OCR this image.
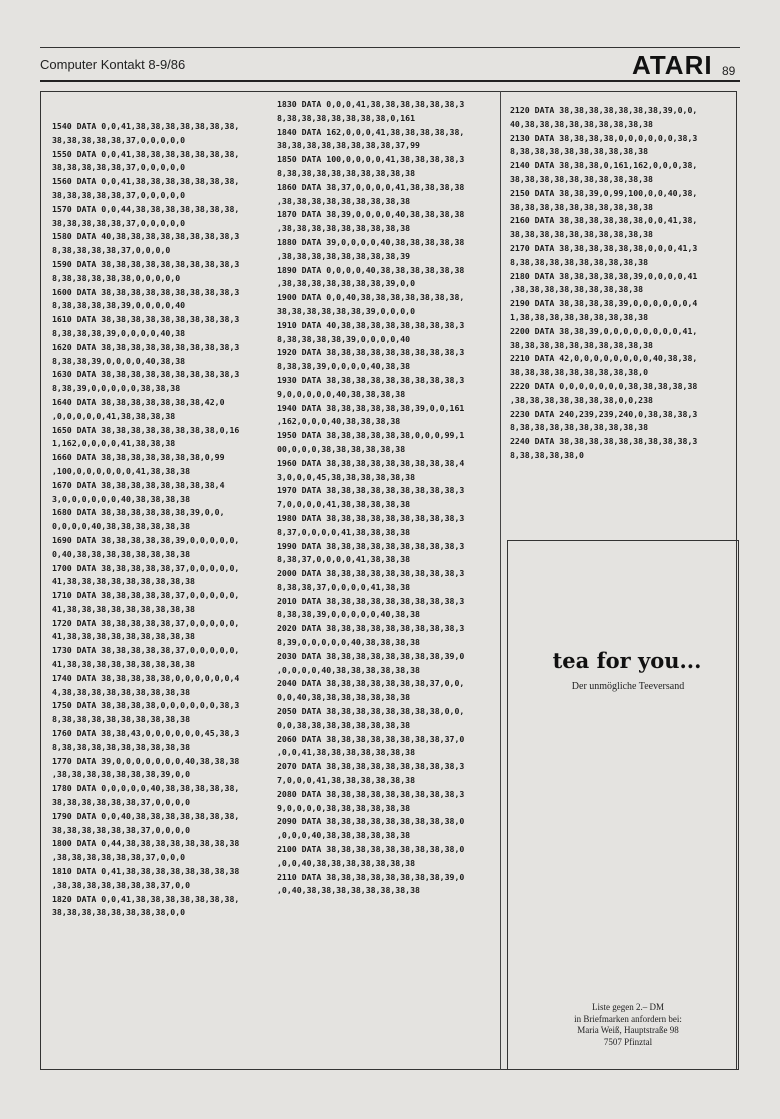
Computer Kontakt 8-9/86	ATARI 89
1540 DATA 0,0,41,38,38,38,38,38,38,38,
38,38,38,38,38,37,0,0,0,0,0
1550 DATA 0,0,41,38,38,38,38,38,38,38,
38,38,38,38,38,37,0,0,0,0,0
1560 DATA 0,0,41,38,38,38,38,38,38,38,
38,38,38,38,38,37,0,0,0,0,0
1570 DATA 0,0,44,38,38,38,38,38,38,38,
38,38,38,38,38,37,0,0,0,0,0
1580 DATA 40,38,38,38,38,38,38,38,38,3
8,38,38,38,38,37,0,0,0,0
1590 DATA 38,38,38,38,38,38,38,38,38,3
8,38,38,38,38,38,0,0,0,0,0
1600 DATA 38,38,38,38,38,38,38,38,38,3
8,38,38,38,38,39,0,0,0,0,40
1610 DATA 38,38,38,38,38,38,38,38,38,3
8,38,38,38,39,0,0,0,0,40,38
1620 DATA 38,38,38,38,38,38,38,38,38,3
8,38,38,39,0,0,0,0,40,38,38
1630 DATA 38,38,38,38,38,38,38,38,38,3
8,38,39,0,0,0,0,0,38,38,38
1640 DATA 38,38,38,38,38,38,38,42,0
,0,0,0,0,0,41,38,38,38,38
1650 DATA 38,38,38,38,38,38,38,38,0,16
1,162,0,0,0,0,41,38,38,38
1660 DATA 38,38,38,38,38,38,38,0,99
,100,0,0,0,0,0,0,41,38,38,38
1670 DATA 38,38,38,38,38,38,38,38,4
3,0,0,0,0,0,0,40,38,38,38,38
1680 DATA 38,38,38,38,38,38,39,0,0,
0,0,0,0,40,38,38,38,38,38,38
1690 DATA 38,38,38,38,38,39,0,0,0,0,0,
0,40,38,38,38,38,38,38,38,38
1700 DATA 38,38,38,38,38,37,0,0,0,0,0,
41,38,38,38,38,38,38,38,38,38
1710 DATA 38,38,38,38,38,37,0,0,0,0,0,
41,38,38,38,38,38,38,38,38,38
1720 DATA 38,38,38,38,38,37,0,0,0,0,0,
41,38,38,38,38,38,38,38,38,38
1730 DATA 38,38,38,38,38,37,0,0,0,0,0,
41,38,38,38,38,38,38,38,38,38
1740 DATA 38,38,38,38,38,0,0,0,0,0,0,4
4,38,38,38,38,38,38,38,38,38
1750 DATA 38,38,38,38,0,0,0,0,0,0,38,3
8,38,38,38,38,38,38,38,38,38
1760 DATA 38,38,43,0,0,0,0,0,0,45,38,3
8,38,38,38,38,38,38,38,38,38
1770 DATA 39,0,0,0,0,0,0,0,40,38,38,38
,38,38,38,38,38,38,38,39,0,0
1780 DATA 0,0,0,0,0,40,38,38,38,38,38,
38,38,38,38,38,38,37,0,0,0,0
1790 DATA 0,0,40,38,38,38,38,38,38,38,
38,38,38,38,38,38,37,0,0,0,0
1800 DATA 0,44,38,38,38,38,38,38,38,38
,38,38,38,38,38,38,37,0,0,0
1810 DATA 0,41,38,38,38,38,38,38,38,38
,38,38,38,38,38,38,38,37,0,0
1820 DATA 0,0,41,38,38,38,38,38,38,38,
38,38,38,38,38,38,38,38,0,0
1830 DATA 0,0,0,41,38,38,38,38,38,38,3
8,38,38,38,38,38,38,38,0,161
1840 DATA 162,0,0,0,41,38,38,38,38,38,
38,38,38,38,38,38,38,38,37,99
1850 DATA 100,0,0,0,0,41,38,38,38,38,3
8,38,38,38,38,38,38,38,38,38
1860 DATA 38,37,0,0,0,0,41,38,38,38,38
,38,38,38,38,38,38,38,38,38
1870 DATA 38,39,0,0,0,0,40,38,38,38,38
,38,38,38,38,38,38,38,38,38
1880 DATA 39,0,0,0,0,40,38,38,38,38,38
,38,38,38,38,38,38,38,38,39
1890 DATA 0,0,0,0,40,38,38,38,38,38,38
,38,38,38,38,38,38,38,39,0,0
1900 DATA 0,0,40,38,38,38,38,38,38,38,
38,38,38,38,38,38,39,0,0,0,0
1910 DATA 40,38,38,38,38,38,38,38,38,3
8,38,38,38,38,39,0,0,0,0,40
1920 DATA 38,38,38,38,38,38,38,38,38,3
8,38,38,39,0,0,0,0,40,38,38
1930 DATA 38,38,38,38,38,38,38,38,38,3
9,0,0,0,0,0,40,38,38,38,38
1940 DATA 38,38,38,38,38,38,39,0,0,161
,162,0,0,0,40,38,38,38,38
1950 DATA 38,38,38,38,38,38,0,0,0,99,1
00,0,0,0,38,38,38,38,38,38
1960 DATA 38,38,38,38,38,38,38,38,38,4
3,0,0,0,45,38,38,38,38,38,38
1970 DATA 38,38,38,38,38,38,38,38,38,3
7,0,0,0,0,41,38,38,38,38,38
1980 DATA 38,38,38,38,38,38,38,38,38,3
8,37,0,0,0,0,41,38,38,38,38
1990 DATA 38,38,38,38,38,38,38,38,38,3
8,38,37,0,0,0,0,41,38,38,38
2000 DATA 38,38,38,38,38,38,38,38,38,3
8,38,38,37,0,0,0,0,41,38,38
2010 DATA 38,38,38,38,38,38,38,38,38,3
8,38,38,39,0,0,0,0,0,40,38,38
2020 DATA 38,38,38,38,38,38,38,38,38,3
8,39,0,0,0,0,0,40,38,38,38,38
2030 DATA 38,38,38,38,38,38,38,38,39,0
,0,0,0,0,40,38,38,38,38,38,38
2040 DATA 38,38,38,38,38,38,38,37,0,0,
0,0,40,38,38,38,38,38,38,38
2050 DATA 38,38,38,38,38,38,38,38,0,0,
0,0,38,38,38,38,38,38,38,38
2060 DATA 38,38,38,38,38,38,38,38,37,0
,0,0,41,38,38,38,38,38,38,38
2070 DATA 38,38,38,38,38,38,38,38,38,3
7,0,0,0,41,38,38,38,38,38,38
2080 DATA 38,38,38,38,38,38,38,38,38,3
9,0,0,0,0,38,38,38,38,38,38
2090 DATA 38,38,38,38,38,38,38,38,38,0
,0,0,0,40,38,38,38,38,38,38
2100 DATA 38,38,38,38,38,38,38,38,38,0
,0,0,40,38,38,38,38,38,38,38
2110 DATA 38,38,38,38,38,38,38,38,39,0
,0,40,38,38,38,38,38,38,38,38
2120 DATA 38,38,38,38,38,38,38,39,0,0,
40,38,38,38,38,38,38,38,38,38
2130 DATA 38,38,38,38,0,0,0,0,0,0,38,3
8,38,38,38,38,38,38,38,38,38
2140 DATA 38,38,38,0,161,162,0,0,0,38,
38,38,38,38,38,38,38,38,38,38
2150 DATA 38,38,39,0,99,100,0,0,40,38,
38,38,38,38,38,38,38,38,38,38
2160 DATA 38,38,38,38,38,38,0,0,41,38,
38,38,38,38,38,38,38,38,38,38
2170 DATA 38,38,38,38,38,38,0,0,0,41,3
8,38,38,38,38,38,38,38,38,38
2180 DATA 38,38,38,38,38,39,0,0,0,0,41
,38,38,38,38,38,38,38,38,38
2190 DATA 38,38,38,38,39,0,0,0,0,0,0,4
1,38,38,38,38,38,38,38,38,38
2200 DATA 38,38,39,0,0,0,0,0,0,0,0,41,
38,38,38,38,38,38,38,38,38,38
2210 DATA 42,0,0,0,0,0,0,0,0,40,38,38,
38,38,38,38,38,38,38,38,38,0
2220 DATA 0,0,0,0,0,0,0,38,38,38,38,38
,38,38,38,38,38,38,38,0,0,238
2230 DATA 240,239,239,240,0,38,38,38,3
8,38,38,38,38,38,38,38,38,38
2240 DATA 38,38,38,38,38,38,38,38,38,3
8,38,38,38,38,0
tea for you...
Der unmögliche Teeversand
Liste gegen 2.– DM
in Briefmarken anfordern bei:
Maria Weiß, Hauptstraße 98
7507 Pfinztal
